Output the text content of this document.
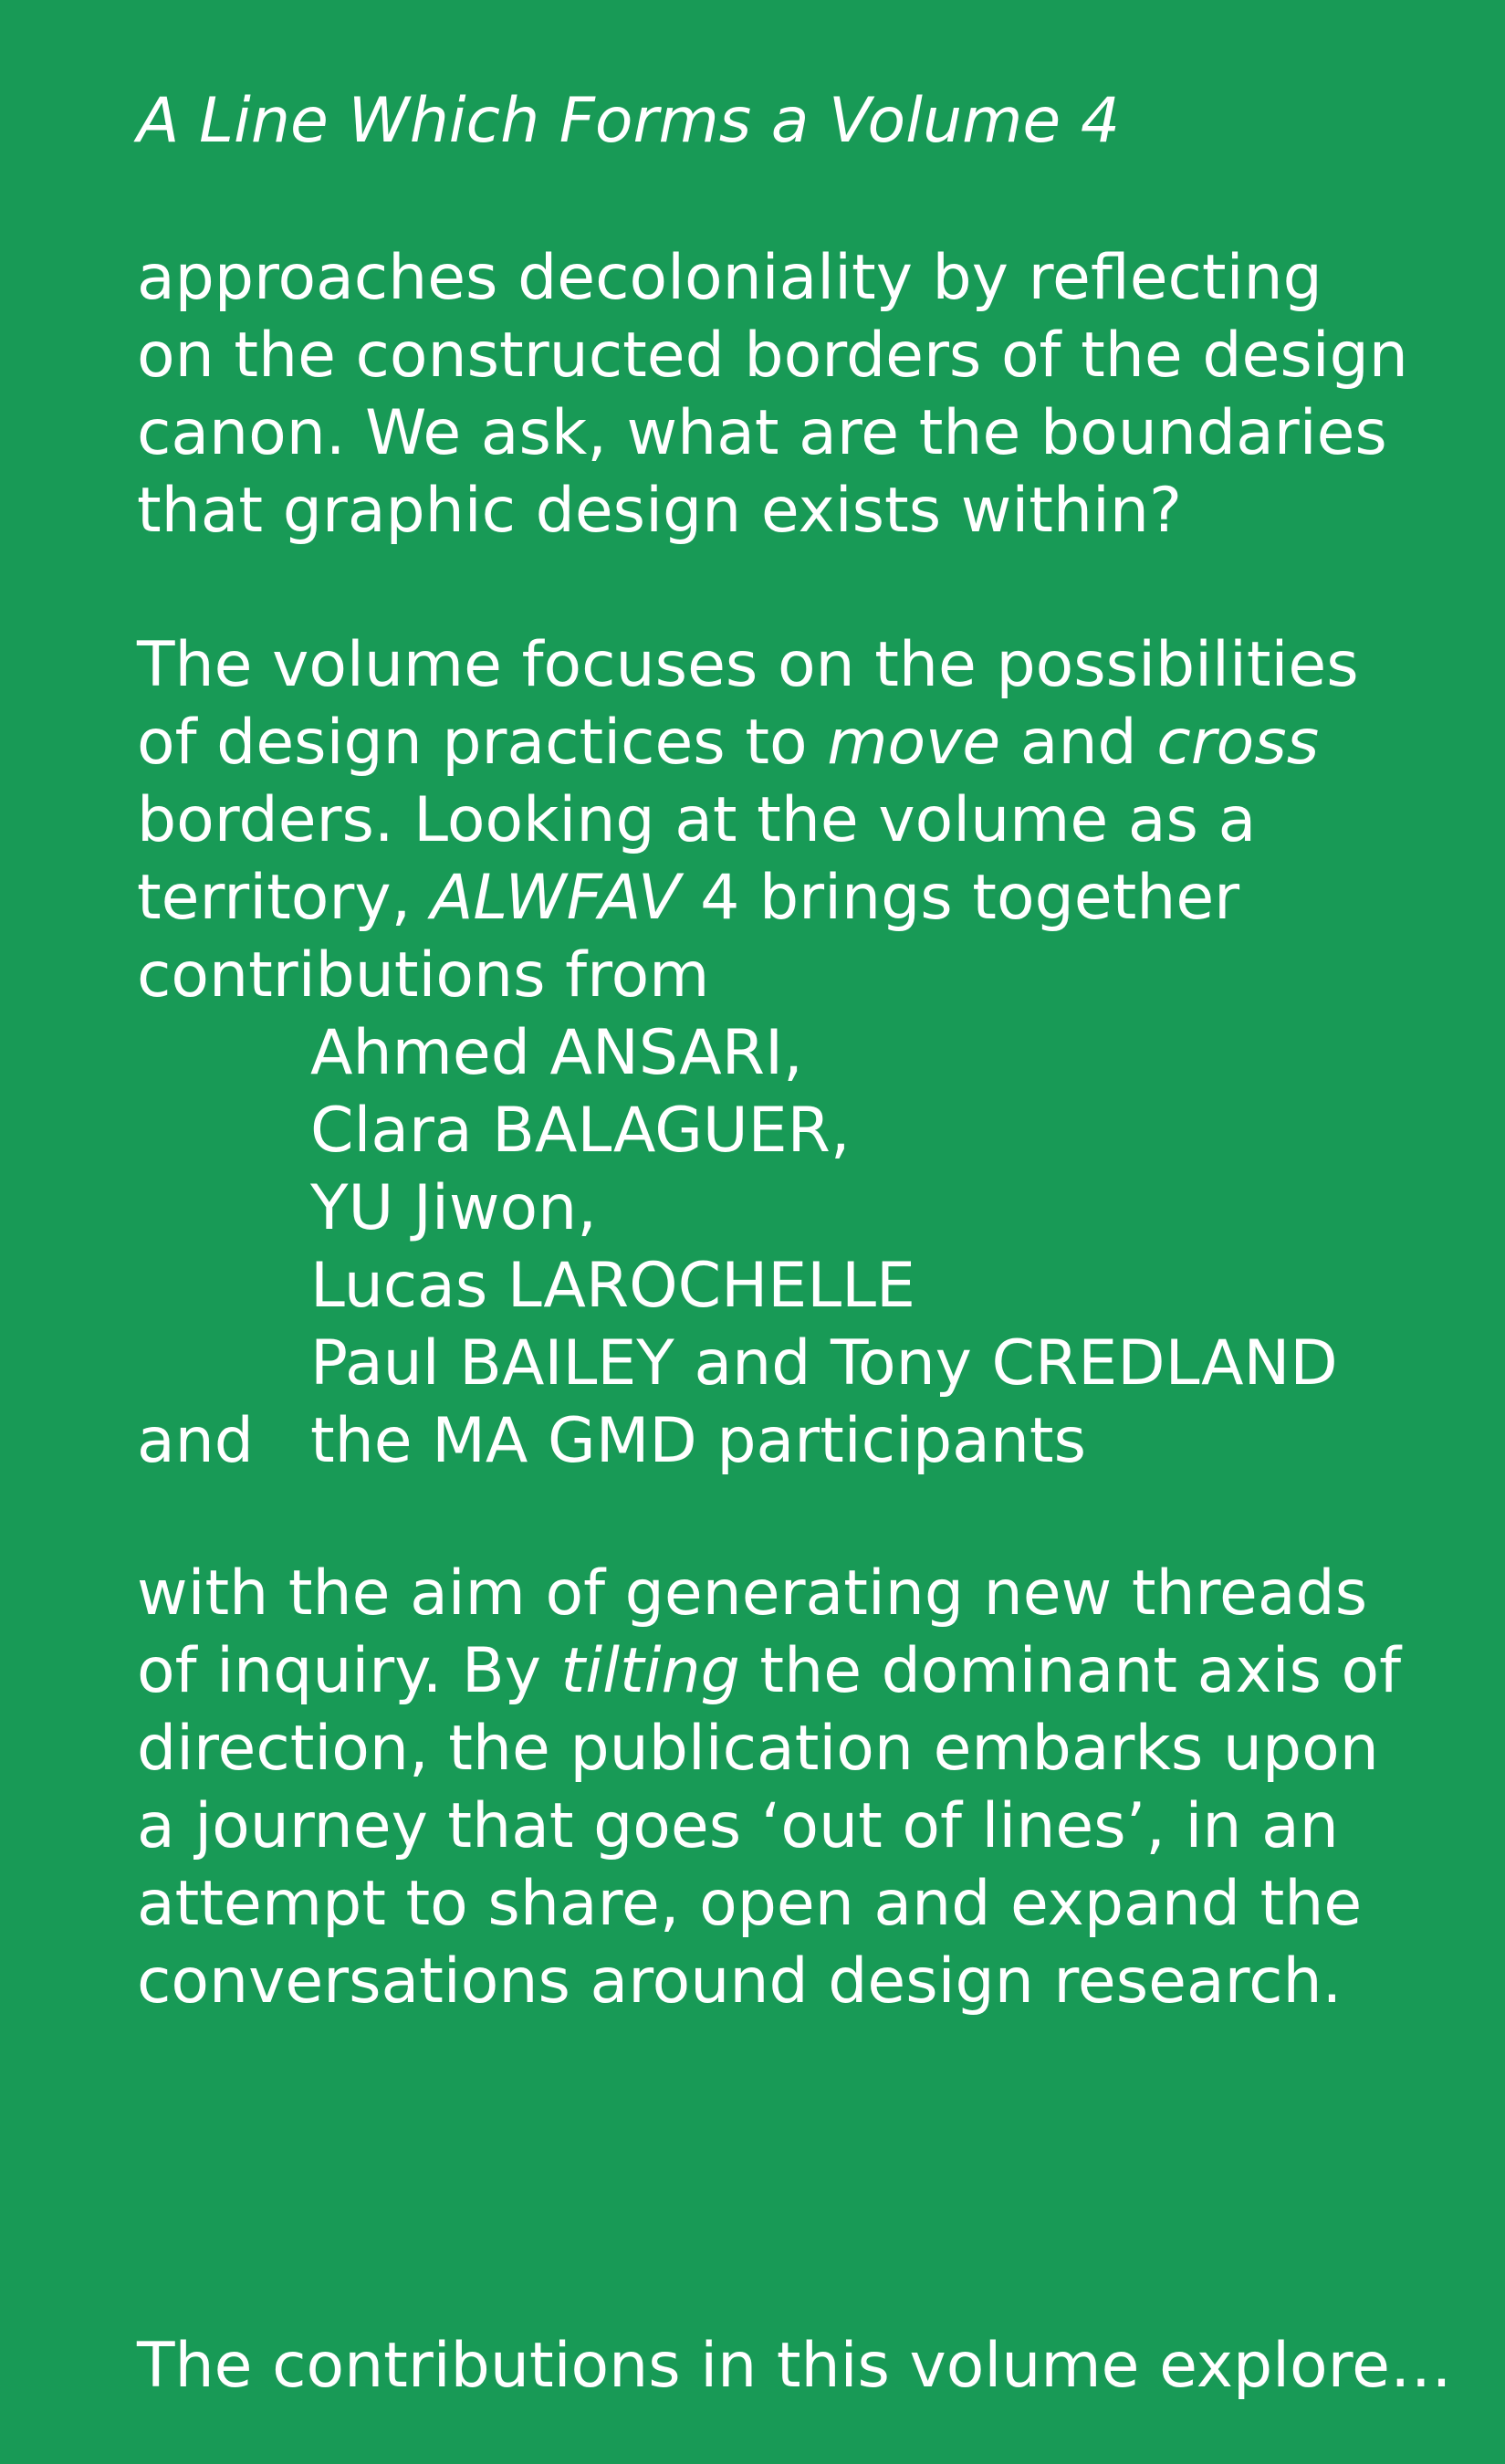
A Line Which Forms a Volume 4
approaches decoloniality by reflecting
on the constructed borders of the design
canon. We ask, what are the boundaries
that graphic design exists within?
The volume focuses on the possibilities
of design practices to move and cross
borders. Looking at the volume as a
territory, ALWFAV 4 brings together
contributions from
Ahmed ANSARI,
Clara BALAGUER,
YU Jiwon,
Lucas LAROCHELLE
Paul BAILEY and Tony CREDLAND
and the MA GMD participants
with the aim of generating new threads
of inquiry. By tilting the dominant axis of
direction, the publication embarks upon
a journey that goes ‘out of lines’, in an
attempt to share, open and expand the
conversations around design research.
The contributions in this volume explore…
